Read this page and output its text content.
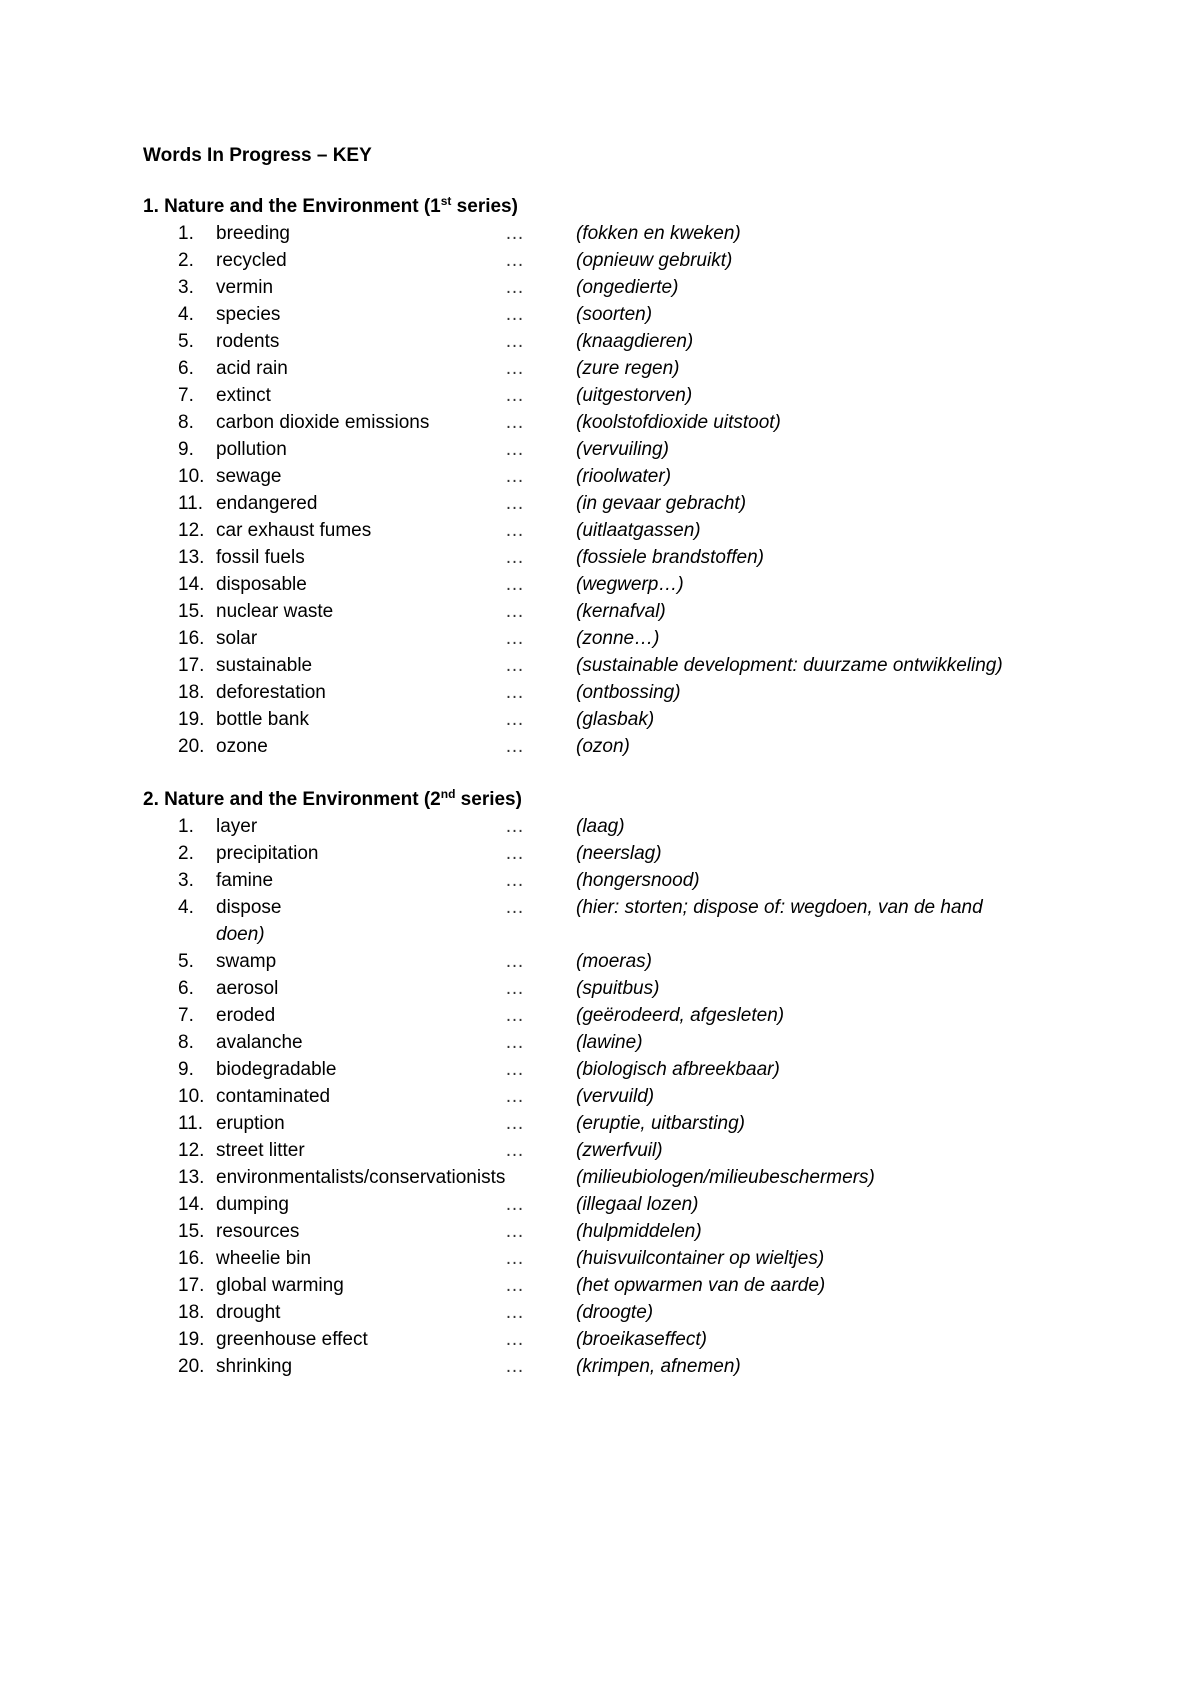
Words In Progress – KEY
1. Nature and the Environment (1st series)
1.	breeding	…	(fokken en kweken)
2.	recycled	…	(opnieuw gebruikt)
3.	vermin	…	(ongedierte)
4.	species	…	(soorten)
5.	rodents	…	(knaagdieren)
6.	acid rain	…	(zure regen)
7.	extinct	…	(uitgestorven)
8.	carbon dioxide emissions	…	(koolstofdioxide uitstoot)
9.	pollution	…	(vervuiling)
10. sewage	…	(rioolwater)
11. endangered	…	(in gevaar gebracht)
12. car exhaust fumes	…	(uitlaatgassen)
13. fossil fuels	…	(fossiele brandstoffen)
14. disposable	…	(wegwerp…)
15. nuclear waste	…	(kernafval)
16. solar	…	(zonne…)
17. sustainable	…	(sustainable development: duurzame ontwikkeling)
18. deforestation	…	(ontbossing)
19. bottle bank	…	(glasbak)
20. ozone	…	(ozon)
2. Nature and the Environment (2nd series)
1.	layer	…	(laag)
2.	precipitation	…	(neerslag)
3.	famine	…	(hongersnood)
4.	dispose	…	(hier: storten; dispose of: wegdoen, van de hand
doen)
5.	swamp	…	(moeras)
6.	aerosol	…	(spuitbus)
7.	eroded	…	(geërodeerd, afgesleten)
8.	avalanche	…	(lawine)
9.	biodegradable	…	(biologisch afbreekbaar)
10. contaminated	…	(vervuild)
11. eruption	…	(eruptie, uitbarsting)
12. street litter	…	(zwerfvuil)
13. environmentalists/conservationists	(milieubiologen/milieubeschermers)
14. dumping	…	(illegaal lozen)
15. resources	…	(hulpmiddelen)
16. wheelie bin	…	(huisvuilcontainer op wieltjes)
17. global warming	…	(het opwarmen van de aarde)
18. drought	…	(droogte)
19. greenhouse effect	…	(broeikaseffect)
20. shrinking	…	(krimpen, afnemen)
